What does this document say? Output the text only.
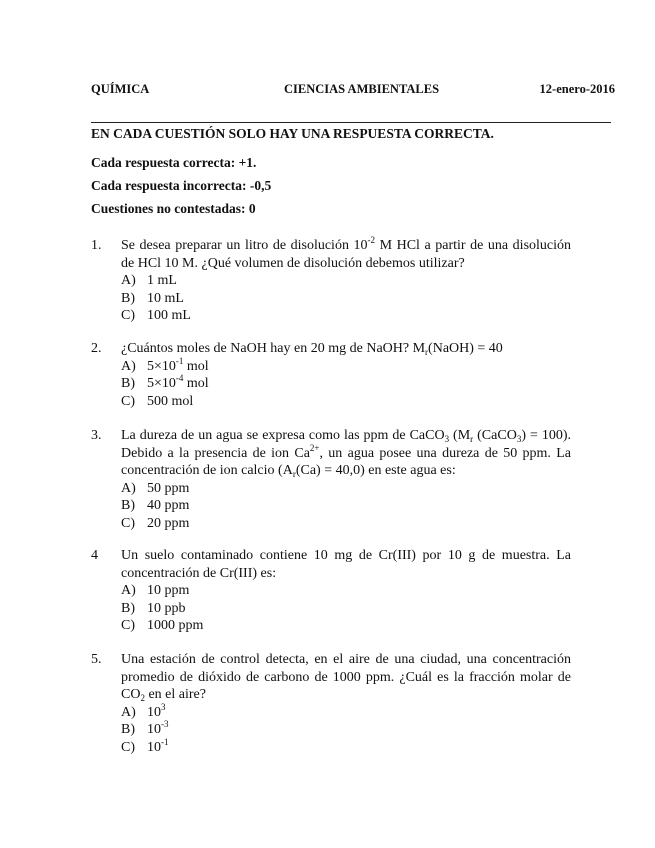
QUÍMICA	CIENCIAS AMBIENTALES	12-enero-2016
EN CADA CUESTIÓN SOLO HAY UNA RESPUESTA CORRECTA.
Cada respuesta correcta: +1.
Cada respuesta incorrecta: -0,5
Cuestiones no contestadas: 0
1. Se desea preparar un litro de disolución $10^{-2}$ M HCl a partir de una disolución de HCl 10 M. ¿Qué volumen de disolución debemos utilizar?
A) 1 mL
B) 10 mL
C) 100 mL
2. ¿Cuántos moles de NaOH hay en 20 mg de NaOH? $M_r(NaOH) = 40$
A) $5\times 10^{-1}$ mol
B) $5\times 10^{-4}$ mol
C) 500 mol
3. La dureza de un agua se expresa como las ppm de CaCO$_3$ ($M_r$ (CaCO$_3$) = 100). Debido a la presencia de ion $Ca^{2+}$, un agua posee una dureza de 50 ppm. La concentración de ion calcio $(A_r(Ca) = 40,0)$ en este agua es:
A) 50 ppm
B) 40 ppm
C) 20 ppm
4 Un suelo contaminado contiene 10 mg de Cr(III) por 10 g de muestra. La concentración de Cr(III) es:
A) 10 ppm
B) 10 ppb
C) 1000 ppm
5. Una estación de control detecta, en el aire de una ciudad, una concentración promedio de dióxido de carbono de 1000 ppm. ¿Cuál es la fracción molar de $CO_2$ en el aire?
A) $10^3$
B) $10^{-3}$
C) $10^{-1}$
